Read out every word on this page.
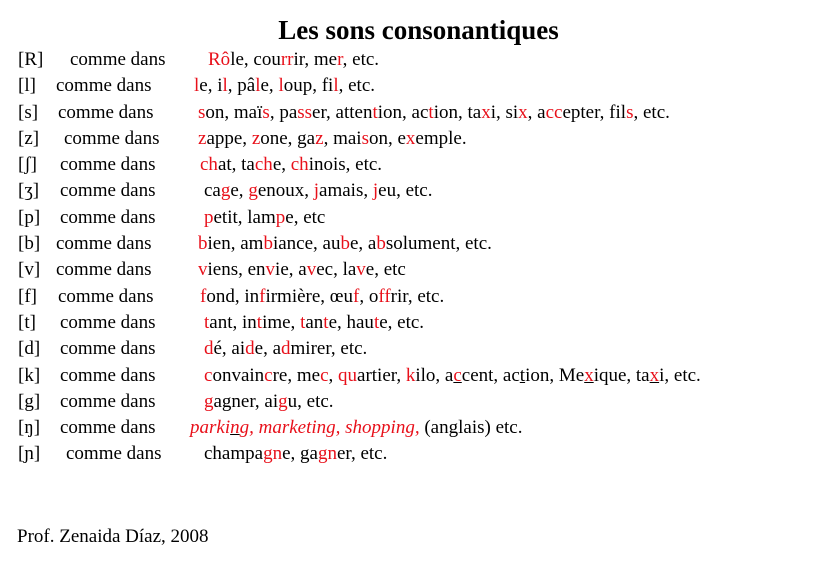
Les sons consonantiques
[R] comme dans Rôle, courrir, mer, etc.
[l] comme dans le, il, pâle, loup, fil, etc.
[s] comme dans son, maïs, passer, attention, action, taxi, six, accepter, fils, etc.
[z] comme dans zappe, zone, gaz, maison, exemple.
[ʃ] comme dans chat, tache, chinois, etc.
[ʒ] comme dans	cage, genoux, jamais, jeu, etc.
[p] comme dans	petit, lampe, etc
[b] comme dans bien, ambiance, aube, absolument, etc.
[v] comme dans viens, envie, avec, lave, etc
[f] comme dans fond, infirmière, œuf, offrir, etc.
[t] comme dans	tant, intime, tante, haute, etc.
[d] comme dans	dé, aide, admirer, etc.
[k] comme dans	convaincre, mec, quartier, kilo, accent, action, Mexique, taxi, etc.
[g] comme dans	gagner, aigu, etc.
[ŋ] comme dans parking, marketing, shopping, (anglais) etc.
[ɲ] comme dans champagne, gagner, etc.
Prof. Zenaida Díaz, 2008
